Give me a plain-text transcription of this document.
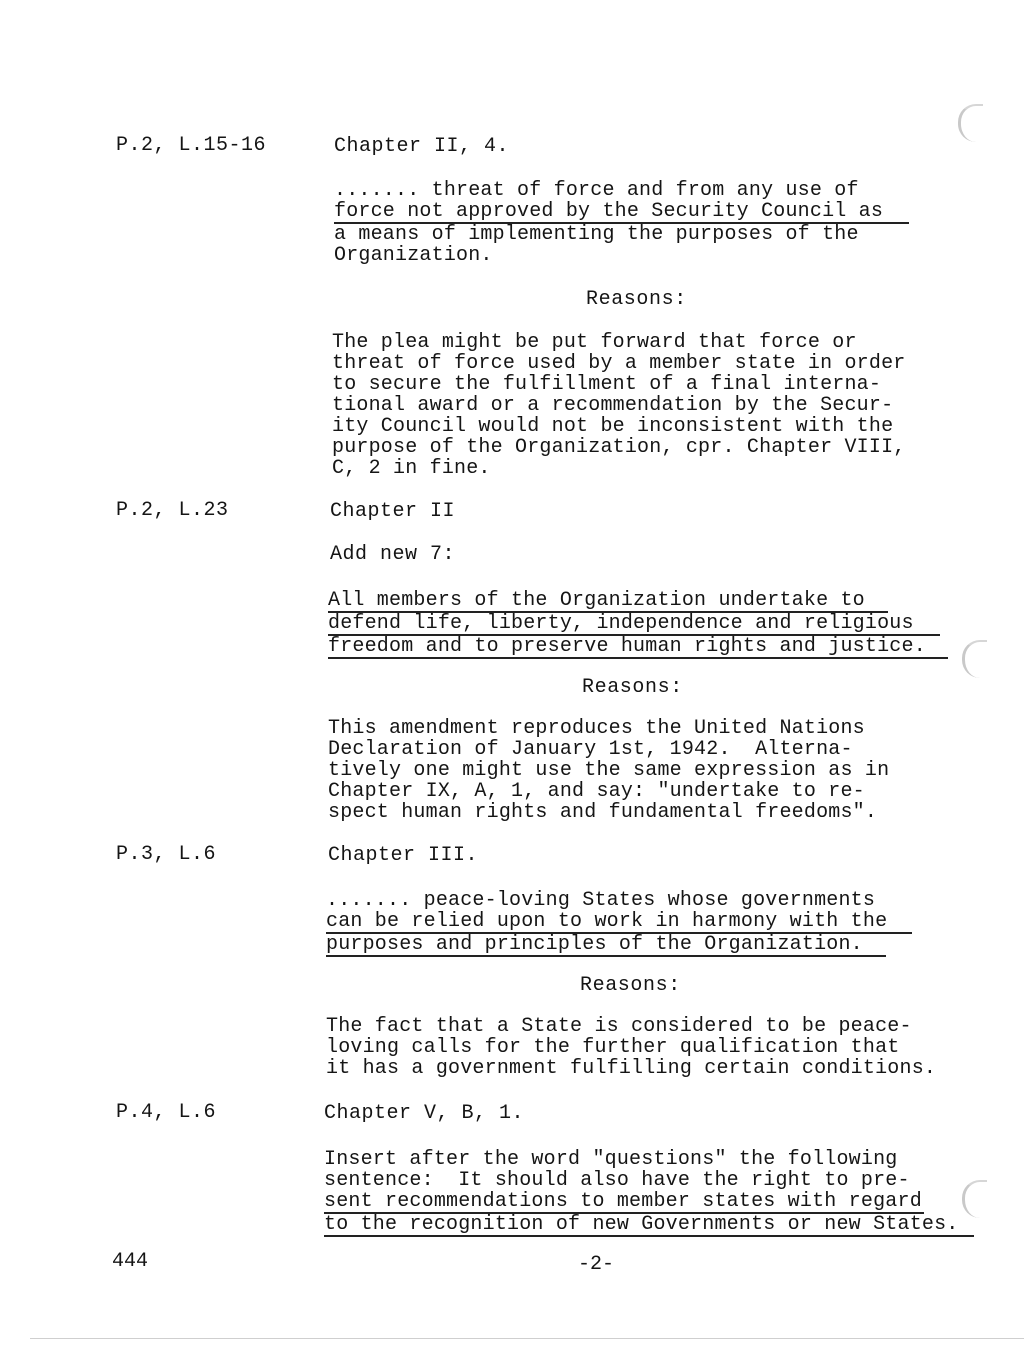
P.2, L.15-16	Chapter II, 4.
....... threat of force and from any use of
force not approved by the Security Council as
a means of implementing the purposes of the
Organization.
Reasons:
The plea might be put forward that force or
threat of force used by a member state in order
to secure the fulfillment of a final interna-
tional award or a recommendation by the Secur-
ity Council would not be inconsistent with the
purpose of the Organization, cpr. Chapter VIII,
C, 2 in fine.
P.2, L.23	Chapter II
Add new 7:
All members of the Organization undertake to
defend life, liberty, independence and religious
freedom and to preserve human rights and justice.
Reasons:
This amendment reproduces the United Nations
Declaration of January 1st, 1942.  Alterna-
tively one might use the same expression as in
Chapter IX, A, 1, and say: "undertake to re-
spect human rights and fundamental freedoms".
P.3, L.6	Chapter III.
....... peace-loving States whose governments
can be relied upon to work in harmony with the
purposes and principles of the Organization.
Reasons:
The fact that a State is considered to be peace-
loving calls for the further qualification that
it has a government fulfilling certain conditions.
P.4, L.6	Chapter V, B, 1.
Insert after the word "questions" the following
sentence:  It should also have the right to pre-
sent recommendations to member states with regard
to the recognition of new Governments or new States.
444	-2-
